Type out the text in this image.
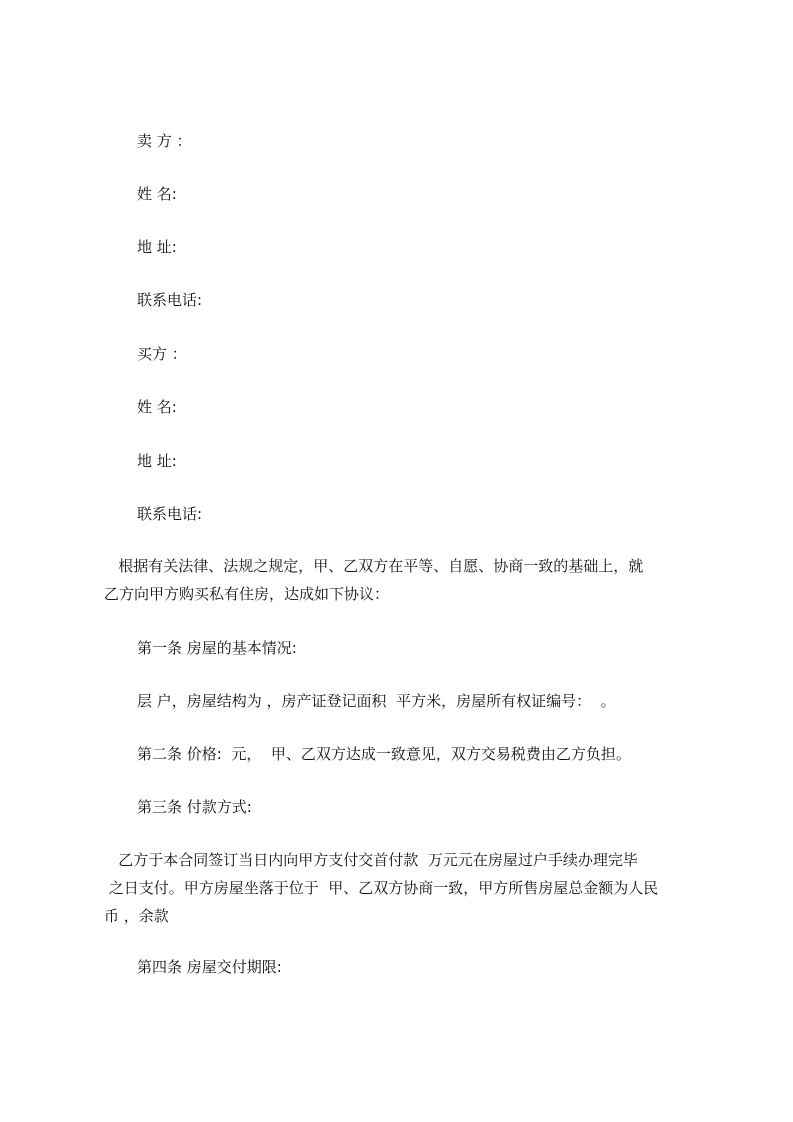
卖 方 ：
姓 名:
地 址:
联系电话:
买方 ：
姓 名:
地 址:
联系电话:
根据有关法律、法规之规定，甲、乙双方在平等、自愿、协商一致的基础上，就
乙方向甲方购买私有住房，达成如下协议：
第一条 房屋的基本情况:
层 户，房屋结构为 ，房产证登记面积  平方米，房屋所有权证编号：  。
第二条 价格:  元，  甲、乙双方达成一致意见，双方交易税费由乙方负担。
第三条 付款方式:
乙方于本合同签订当日内向甲方支付交首付款  万元元在房屋过户手续办理完毕
之日支付。甲方房屋坐落于位于  甲、乙双方协商一致，甲方所售房屋总金额为人民
币 ，余款
第四条 房屋交付期限:
